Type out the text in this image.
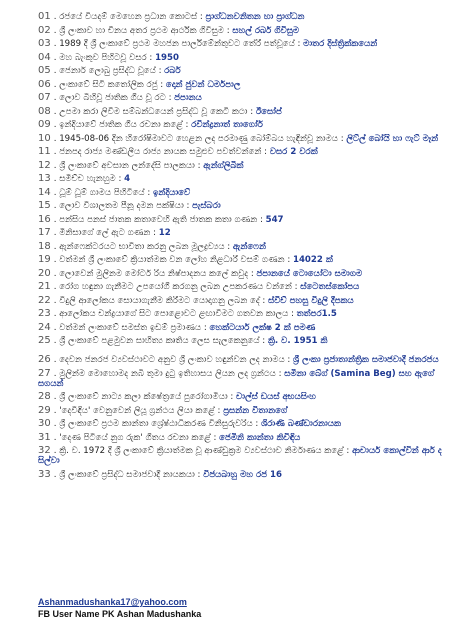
01 . රජයේ වියදම් මෙහෙන ප්‍රධාන කොටස් : ප්‍රාග්ධනවනිතන හා ප්‍රාග්ධන
02 . ශ්‍රී ලංකාව හා චීනය අතර ප්‍රථම ආර්ථික ගිවිසුම : සහල් රබර් ගිවිසුම
03 . 1989 දී ශ්‍රී ලංකාවේ ප්‍රථම මහජන පාර්ලිමේන්තුවට තේරී පත්වූයේ : මාතර දිස්ත්‍රික්කයෙන්
04 . මහ බැංකුව පිහිටවූ වසර : 1950
05 . ජෙනාර් ලොබු ප්‍රසිද්ධ වූයේ : රබර්
06 . ලංකාවේ සිටි කතෝලික රජු : දොන් ජුවන් ධර්මපාල
07 . ලොව බිහිවූ ජාතික ගීය වූ රට : ජපානය
08 . උපමා කරා ලිවීම සම්බන්ධයෙන් ප්‍රසිද්ධ වූ කෙටි කථා : ඊසෝප්
09 . ඉන්දියාවේ ජාතික ගීය රචනා කළේ : රවීන්ද්‍රනාත් තාගෝර්
10 . 1945-08-06 දින හිරෝෂිමාවට හෙළන ලද පරමාණු බෝම්බය හැඳින්වූ නාමය : ලිට්ල් බෝයි හා ෆැට් මෑන්
11 . ජනපද රාජ්‍ය මණ්ඩලීය රාජ්‍ය නායක සමුළුව පවත්වන්නේ : වසර 2 වරක්
12 . ශ්‍රී ලංකාවේ අවසාන ලන්දේසි පාලකයා : ඇන්ග්ලිබීක්
13 . සමිච්ච හැනහුම : 4
14 . ධූම් ධූම් ගාමය පිහිටියේ : ඉන්දියාවේ
15 . ලොව විශාලතම පීනූ දමන පක්ෂියා : පැස්බරා
16 . පන්සිය පනස් ජාතක කතාවෙහි ඇති ජාතක කතා ගණන : 547
17 . මිනිසාගේ ලේ ඇට ගණන : 12
18 . ඇන්ෆෙක්ටරයට භාවිතා කරනු ලබන මූලද්‍රව්‍යය : ඇන්ෆෙන්
19 . වත්මන් ශ්‍රී ලංකාවේ ක්‍රියාත්මක වන ලෝහ නිළධාරී වසම් ගණන : 14022 ක්
20 . ලොවෙන් මුලිනම මෝටර් රිය නිෂ්පාදනය කලේ කවුද : ජපානයේ ටොයෝටා සමාගම
21 . රෝග හඳුනා ගැනීමට උපයෝගී කරගනු ලබන උපකරණය වන්නේ : ස්ටෙතස්කෝපය
22 . විදුලි ආලෝකය සොයාගැනීම කිරීමට යොදාගනු ලබන දේ : ස්වීච් පහසු විදුලි දීපකය
23 . ආලෝකය චන්ද්‍රයාගේ සිට පොළොවට ළඟාවීමට ගතවන කාලය : තත්පර1.5
24 . වත්මන් ලංකාවේ සමස්ත ඉඩම් ප්‍රමාණය : හෙක්ටයාර් ලක්ෂ 2 ක් පමණ
25 . ශ්‍රී ලංකාවේ පළමුවන සාහිත්‍ය කෘතිය ලෙස සැලකෙනුයේ : ක්‍රි. ව. 1951 කි
26 . දෙවන ජනරජ ව්‍යවස්ථාවට අනුව ශ්‍රී ලංකාව හඳුන්වන ලද නාමය : ශ්‍රී ලංකා ප්‍රජාතාන්ත්‍රික සමාජවාදී ජනරජය
27 . මුලින්ම මොහොමද නබි තුමා දුටු ඉතිහාසය ලියන ලද ග්‍රන්ථය : සමීනා බේග් (Samina Beg) සහ ඇගේ සගයන්
28 . ශ්‍රී ලංකාවේ නාට්‍ය කලා ක්ෂේත්‍රයේ පුරෝගාමියා : චාල්ස් ඩයස් අභයසිංහ
29 . 'දෙවිඳිය' වෙනුවෙන් ලියූ ග්‍රන්ථය ලියා කළේ : ප්‍රසන්න විතානගේ
30 . ශ්‍රී ලංකාවේ ප්‍රථම කාන්තා ශ්‍රේෂ්ඨාධිකරණ විනිසුරුවරිය : ශිරාණි බණ්ඩාරනායක
31 . 'දෙණ පිටියේ නුග රුක' ගීතය රචනා කළේ : ජෙමිනි කාන්තා කිවිඳිය
32 . ක්‍රි. ව. 1972 දී ශ්‍රී ලංකාවේ ක්‍රියාත්මක වූ ආණ්ඩුක්‍රම ව්‍යවස්ථාව නිර්මාණය කළේ : ආචාර්ය කොල්වින් ආර් ද සිල්වා
33 . ශ්‍රී ලංකාවේ ප්‍රසිද්ධ සමාජවාදී නායකයා : විජයබාහු මහ රජ 16
Ashanmadushanka17@yahoo.com
FB User Name PK Ashan Madushanka
